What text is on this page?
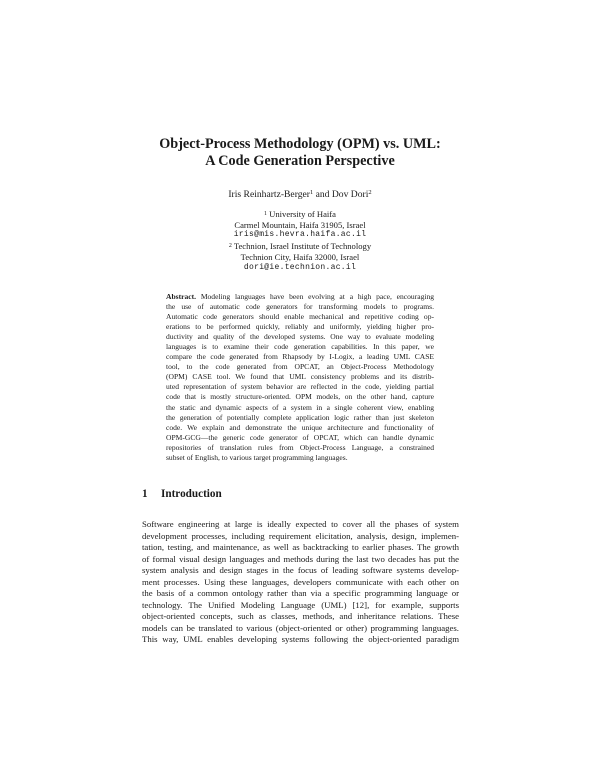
Object-Process Methodology (OPM) vs. UML:
A Code Generation Perspective
Iris Reinhartz-Berger$^1$ and Dov Dori$^2$
$^1$ University of Haifa
Carmel Mountain, Haifa 31905, Israel
iris@mis.hevra.haifa.ac.il
$^2$ Technion, Israel Institute of Technology
Technion City, Haifa 32000, Israel
dori@ie.technion.ac.il
Abstract. Modeling languages have been evolving at a high pace, encouraging
the use of automatic code generators for transforming models to programs.
Automatic code generators should enable mechanical and repetitive coding op-
erations to be performed quickly, reliably and uniformly, yielding higher pro-
ductivity and quality of the developed systems. One way to evaluate modeling
languages is to examine their code generation capabilities. In this paper, we
compare the code generated from Rhapsody by I-Logix, a leading UML CASE
tool, to the code generated from OPCAT, an Object-Process Methodology
(OPM) CASE tool. We found that UML consistency problems and its distrib-
uted representation of system behavior are reflected in the code, yielding partial
code that is mostly structure-oriented. OPM models, on the other hand, capture
the static and dynamic aspects of a system in a single coherent view, enabling
the generation of potentially complete application logic rather than just skeleton
code. We explain and demonstrate the unique architecture and functionality of
OPM-GCG—the generic code generator of OPCAT, which can handle dynamic
repositories of translation rules from Object-Process Language, a constrained
subset of English, to various target programming languages.
1 Introduction
Software engineering at large is ideally expected to cover all the phases of system
development processes, including requirement elicitation, analysis, design, implemen-
tation, testing, and maintenance, as well as backtracking to earlier phases. The growth
of formal visual design languages and methods during the last two decades has put the
system analysis and design stages in the focus of leading software systems develop-
ment processes. Using these languages, developers communicate with each other on
the basis of a common ontology rather than via a specific programming language or
technology. The Unified Modeling Language (UML) [12], for example, supports
object-oriented concepts, such as classes, methods, and inheritance relations. These
models can be translated to various (object-oriented or other) programming languages.
This way, UML enables developing systems following the object-oriented paradigm
